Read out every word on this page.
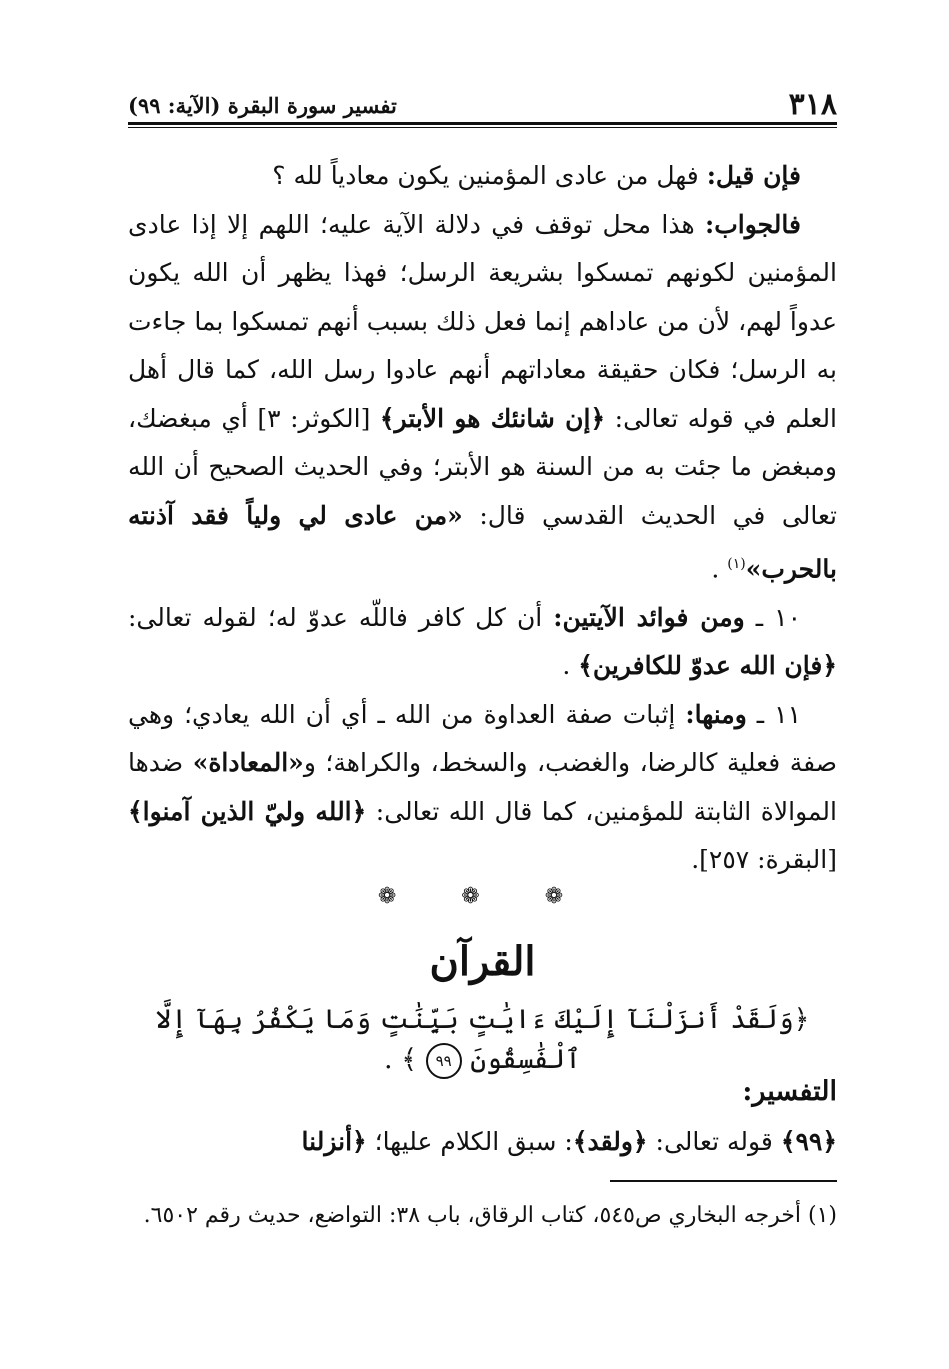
٣١٨
تفسير سورة البقرة (الآية: ٩٩)

فإن قيل: فهل من عادى المؤمنين يكون معادياً لله ؟

فالجواب: هذا محل توقف في دلالة الآية عليه؛ اللهم إلا إذا عادى المؤمنين لكونهم تمسكوا بشريعة الرسل؛ فهذا يظهر أن الله يكون عدواً لهم، لأن من عاداهم إنما فعل ذلك بسبب أنهم تمسكوا بما جاءت به الرسل؛ فكان حقيقة معاداتهم أنهم عادوا رسل الله، كما قال أهل العلم في قوله تعالى: ﴿إن شانئك هو الأبتر﴾ [الكوثر: ٣] أي مبغضك، ومبغض ما جئت به من السنة هو الأبتر؛ وفي الحديث الصحيح أن الله تعالى في الحديث القدسي قال: «من عادى لي ولياً فقد آذنته بالحرب»$^{(١)}$ .

١٠ ـ ومن فوائد الآيتين: أن كل كافر فاللّه عدوّ له؛ لقوله تعالى: ﴿فإن الله عدوّ للكافرين﴾ .

١١ ـ ومنها: إثبات صفة العداوة من الله ـ أي أن الله يعادي؛ وهي صفة فعلية كالرضا، والغضب، والسخط، والكراهة؛ و«المعاداة» ضدها الموالاة الثابتة للمؤمنين، كما قال الله تعالى: ﴿الله وليّ الذين آمنوا﴾ [البقرة: ٢٥٧].

❁ ❁ ❁
القرآن
﴿وَلَقَدْ أَنزَلْنَآ إِلَيْكَ ءَايَٰتٍ بَيِّنَٰتٍ وَمَا يَكْفُرُ بِهَآ إِلَّا ٱلْفَٰسِقُونَ ٩٩ ﴾ .
التفسير:
﴿٩٩﴾ قوله تعالى: ﴿ولقد﴾: سبق الكلام عليها؛ ﴿أنزلنا

(١) أخرجه البخاري ص٥٤٥، كتاب الرقاق، باب ٣٨: التواضع، حديث رقم ٦٥٠٢.
